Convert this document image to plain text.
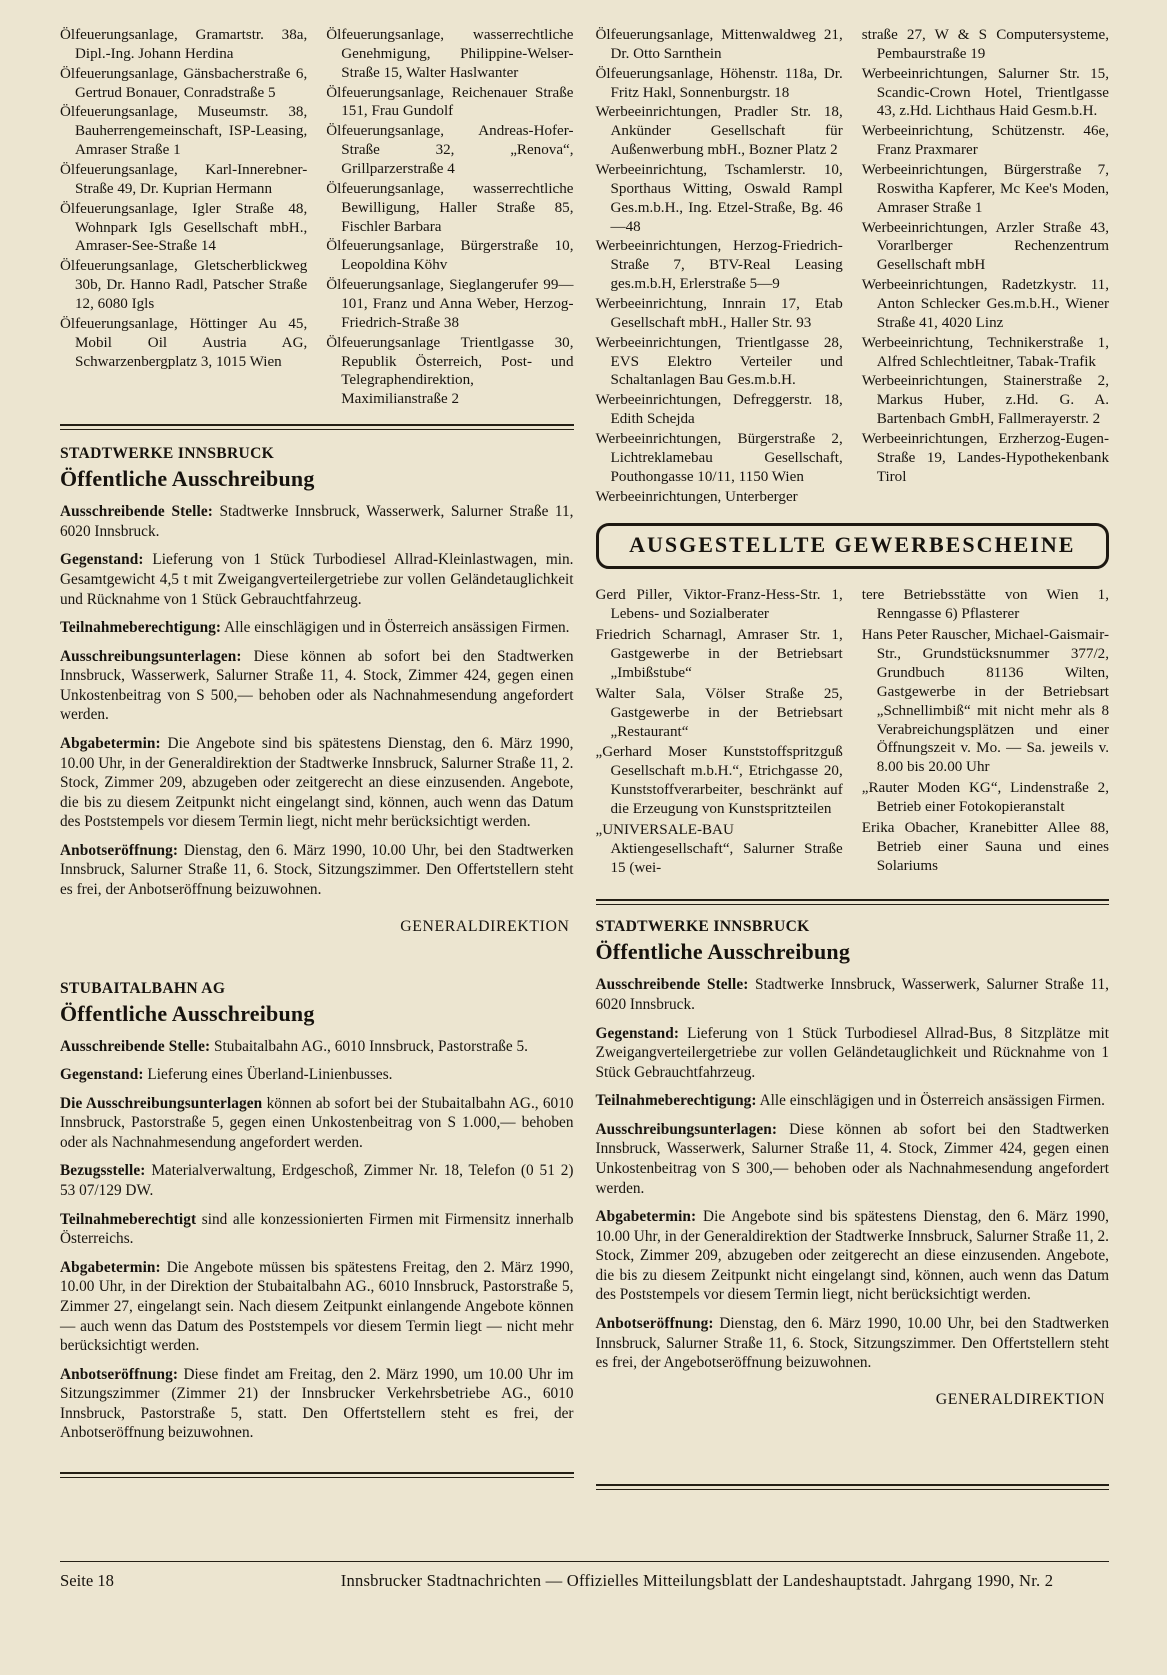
Ölfeuerungsanlage, Gramartstr. 38a, Dipl.-Ing. Johann Herdina

Ölfeuerungsanlage, Gänsbacherstraße 6, Gertrud Bonauer, Conradstraße 5

Ölfeuerungsanlage, Museumstr. 38, Bauherrengemeinschaft, ISP-Leasing, Amraser Straße 1

Ölfeuerungsanlage, Karl-Innerebner-Straße 49, Dr. Kuprian Hermann

Ölfeuerungsanlage, Igler Straße 48, Wohnpark Igls Gesellschaft mbH., Amraser-See-Straße 14

Ölfeuerungsanlage, Gletscherblickweg 30b, Dr. Hanno Radl, Patscher Straße 12, 6080 Igls

Ölfeuerungsanlage, Höttinger Au 45, Mobil Oil Austria AG, Schwarzenbergplatz 3, 1015 Wien

Ölfeuerungsanlage, wasserrechtliche Genehmigung, Philippine-Welser-Straße 15, Walter Haslwanter

Ölfeuerungsanlage, Reichenauer Straße 151, Frau Gundolf

Ölfeuerungsanlage, Andreas-Hofer-Straße 32, „Renova“, Grillparzerstraße 4

Ölfeuerungsanlage, wasserrechtliche Bewilligung, Haller Straße 85, Fischler Barbara

Ölfeuerungsanlage, Bürgerstraße 10, Leopoldina Köhv

Ölfeuerungsanlage, Sieglangerufer 99—101, Franz und Anna Weber, Herzog-Friedrich-Straße 38

Ölfeuerungsanlage Trientlgasse 30, Republik Österreich, Post- und Telegraphendirektion, Maximilianstraße 2

STADTWERKE INNSBRUCK
Öffentliche Ausschreibung

Ausschreibende Stelle: Stadtwerke Innsbruck, Wasserwerk, Salurner Straße 11, 6020 Innsbruck.

Gegenstand: Lieferung von 1 Stück Turbodiesel Allrad-Kleinlastwagen, min. Gesamtgewicht 4,5 t mit Zweigangverteilergetriebe zur vollen Geländetauglichkeit und Rücknahme von 1 Stück Gebrauchtfahrzeug.

Teilnahmeberechtigung: Alle einschlägigen und in Österreich ansässigen Firmen.

Ausschreibungsunterlagen: Diese können ab sofort bei den Stadtwerken Innsbruck, Wasserwerk, Salurner Straße 11, 4. Stock, Zimmer 424, gegen einen Unkostenbeitrag von S 500,— behoben oder als Nachnahmesendung angefordert werden.

Abgabetermin: Die Angebote sind bis spätestens Dienstag, den 6. März 1990, 10.00 Uhr, in der Generaldirektion der Stadtwerke Innsbruck, Salurner Straße 11, 2. Stock, Zimmer 209, abzugeben oder zeitgerecht an diese einzusenden. Angebote, die bis zu diesem Zeitpunkt nicht eingelangt sind, können, auch wenn das Datum des Poststempels vor diesem Termin liegt, nicht mehr berücksichtigt werden.

Anbotseröffnung: Dienstag, den 6. März 1990, 10.00 Uhr, bei den Stadtwerken Innsbruck, Salurner Straße 11, 6. Stock, Sitzungszimmer. Den Offertstellern steht es frei, der Anbotseröffnung beizuwohnen.

GENERALDIREKTION

STUBAITALBAHN AG
Öffentliche Ausschreibung

Ausschreibende Stelle: Stubaitalbahn AG., 6010 Innsbruck, Pastorstraße 5.

Gegenstand: Lieferung eines Überland-Linienbusses.

Die Ausschreibungsunterlagen können ab sofort bei der Stubaitalbahn AG., 6010 Innsbruck, Pastorstraße 5, gegen einen Unkostenbeitrag von S 1.000,— behoben oder als Nachnahmesendung angefordert werden.

Bezugsstelle: Materialverwaltung, Erdgeschoß, Zimmer Nr. 18, Telefon (0 51 2) 53 07/129 DW.

Teilnahmeberechtigt sind alle konzessionierten Firmen mit Firmensitz innerhalb Österreichs.

Abgabetermin: Die Angebote müssen bis spätestens Freitag, den 2. März 1990, 10.00 Uhr, in der Direktion der Stubaitalbahn AG., 6010 Innsbruck, Pastorstraße 5, Zimmer 27, eingelangt sein. Nach diesem Zeitpunkt einlangende Angebote können — auch wenn das Datum des Poststempels vor diesem Termin liegt — nicht mehr berücksichtigt werden.

Anbotseröffnung: Diese findet am Freitag, den 2. März 1990, um 10.00 Uhr im Sitzungszimmer (Zimmer 21) der Innsbrucker Verkehrsbetriebe AG., 6010 Innsbruck, Pastorstraße 5, statt. Den Offertstellern steht es frei, der Anbotseröffnung beizuwohnen.

Ölfeuerungsanlage, Mittenwaldweg 21, Dr. Otto Sarnthein

Ölfeuerungsanlage, Höhenstr. 118a, Dr. Fritz Hakl, Sonnenburgstr. 18

Werbeeinrichtungen, Pradler Str. 18, Ankünder Gesellschaft für Außenwerbung mbH., Bozner Platz 2

Werbeeinrichtung, Tschamlerstr. 10, Sporthaus Witting, Oswald Rampl Ges.m.b.H., Ing. Etzel-Straße, Bg. 46—48

Werbeeinrichtungen, Herzog-Friedrich-Straße 7, BTV-Real Leasing ges.m.b.H, Erlerstraße 5—9

Werbeeinrichtung, Innrain 17, Etab Gesellschaft mbH., Haller Str. 93

Werbeeinrichtungen, Trientlgasse 28, EVS Elektro Verteiler und Schaltanlagen Bau Ges.m.b.H.

Werbeeinrichtungen, Defreggerstr. 18, Edith Schejda

Werbeeinrichtungen, Bürgerstraße 2, Lichtreklamebau Gesellschaft, Pouthongasse 10/11, 1150 Wien

Werbeeinrichtungen, Unterberger

straße 27, W & S Computersysteme, Pembaurstraße 19

Werbeeinrichtungen, Salurner Str. 15, Scandic-Crown Hotel, Trientlgasse 43, z.Hd. Lichthaus Haid Gesm.b.H.

Werbeeinrichtung, Schützenstr. 46e, Franz Praxmarer

Werbeeinrichtungen, Bürgerstraße 7, Roswitha Kapferer, Mc Kee's Moden, Amraser Straße 1

Werbeeinrichtungen, Arzler Straße 43, Vorarlberger Rechenzentrum Gesellschaft mbH

Werbeeinrichtungen, Radetzkystr. 11, Anton Schlecker Ges.m.b.H., Wiener Straße 41, 4020 Linz

Werbeeinrichtung, Technikerstraße 1, Alfred Schlechtleitner, Tabak-Trafik

Werbeeinrichtungen, Stainerstraße 2, Markus Huber, z.Hd. G. A. Bartenbach GmbH, Fallmerayerstr. 2

Werbeeinrichtungen, Erzherzog-Eugen-Straße 19, Landes-Hypothekenbank Tirol

AUSGESTELLTE GEWERBESCHEINE

Gerd Piller, Viktor-Franz-Hess-Str. 1, Lebens- und Sozialberater

Friedrich Scharnagl, Amraser Str. 1, Gastgewerbe in der Betriebsart „Imbißstube“

Walter Sala, Völser Straße 25, Gastgewerbe in der Betriebsart „Restaurant“

„Gerhard Moser Kunststoffspritzguß Gesellschaft m.b.H.“, Etrichgasse 20, Kunststoffverarbeiter, beschränkt auf die Erzeugung von Kunstspritzteilen

„UNIVERSALE-BAU Aktiengesellschaft“, Salurner Straße 15 (wei-

tere Betriebsstätte von Wien 1, Renngasse 6) Pflasterer

Hans Peter Rauscher, Michael-Gaismair-Str., Grundstücksnummer 377/2, Grundbuch 81136 Wilten, Gastgewerbe in der Betriebsart „Schnellimbiß“ mit nicht mehr als 8 Verabreichungsplätzen und einer Öffnungszeit v. Mo. — Sa. jeweils v. 8.00 bis 20.00 Uhr

„Rauter Moden KG“, Lindenstraße 2, Betrieb einer Fotokopieranstalt

Erika Obacher, Kranebitter Allee 88, Betrieb einer Sauna und eines Solariums

STADTWERKE INNSBRUCK
Öffentliche Ausschreibung

Ausschreibende Stelle: Stadtwerke Innsbruck, Wasserwerk, Salurner Straße 11, 6020 Innsbruck.

Gegenstand: Lieferung von 1 Stück Turbodiesel Allrad-Bus, 8 Sitzplätze mit Zweigangverteilergetriebe zur vollen Geländetauglichkeit und Rücknahme von 1 Stück Gebrauchtfahrzeug.

Teilnahmeberechtigung: Alle einschlägigen und in Österreich ansässigen Firmen.

Ausschreibungsunterlagen: Diese können ab sofort bei den Stadtwerken Innsbruck, Wasserwerk, Salurner Straße 11, 4. Stock, Zimmer 424, gegen einen Unkostenbeitrag von S 300,— behoben oder als Nachnahmesendung angefordert werden.

Abgabetermin: Die Angebote sind bis spätestens Dienstag, den 6. März 1990, 10.00 Uhr, in der Generaldirektion der Stadtwerke Innsbruck, Salurner Straße 11, 2. Stock, Zimmer 209, abzugeben oder zeitgerecht an diese einzusenden. Angebote, die bis zu diesem Zeitpunkt nicht eingelangt sind, können, auch wenn das Datum des Poststempels vor diesem Termin liegt, nicht berücksichtigt werden.

Anbotseröffnung: Dienstag, den 6. März 1990, 10.00 Uhr, bei den Stadtwerken Innsbruck, Salurner Straße 11, 6. Stock, Sitzungszimmer. Den Offertstellern steht es frei, der Angebotseröffnung beizuwohnen.

GENERALDIREKTION

Seite 18	Innsbrucker Stadtnachrichten — Offizielles Mitteilungsblatt der Landeshauptstadt. Jahrgang 1990, Nr. 2
